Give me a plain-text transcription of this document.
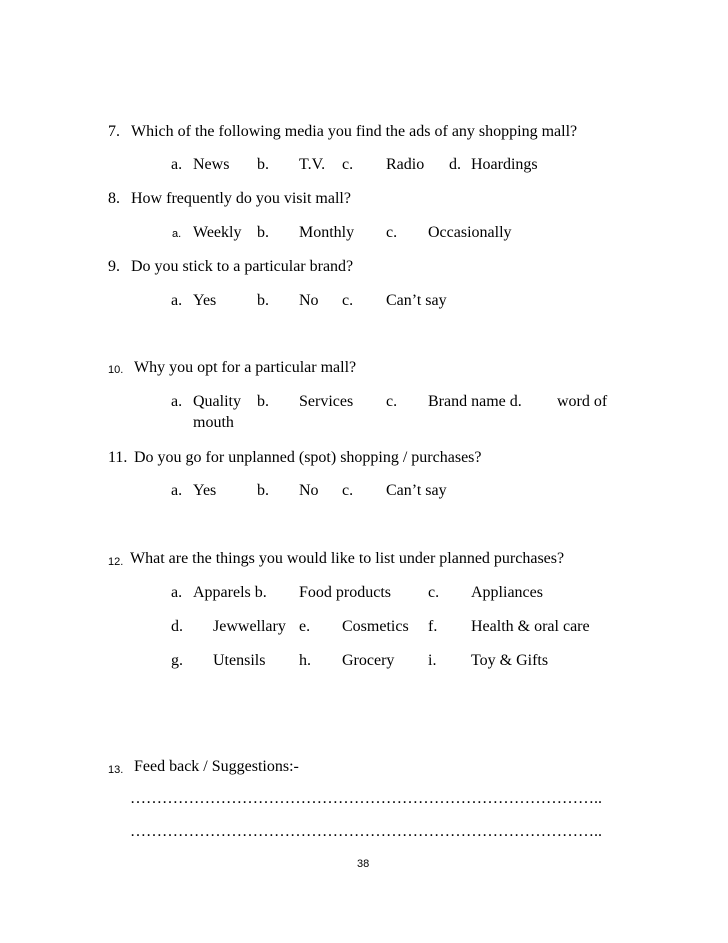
7. Which of the following media you find the ads of any shopping mall?
a. News b. T.V. c. Radio d. Hoardings
8. How frequently do you visit mall?
a. Weekly b. Monthly c. Occasionally
9. Do you stick to a particular brand?
a. Yes	b. No c. Can’t say
10. Why you opt for a particular mall?
a. Quality b. Services c. Brand name d. word of
mouth
11. Do you go for unplanned (spot) shopping / purchases?
a. Yes	b. No c. Can’t say
12. What are the things you would like to list under planned purchases?
a. Apparels b. Food products c. Appliances
d. Jewwellary e. Cosmetics f. Health & oral care
g. Utensils h. Grocery i. Toy & Gifts
13. Feed back / Suggestions:-
……………………………………………………………………………..
……………………………………………………………………………..
38
